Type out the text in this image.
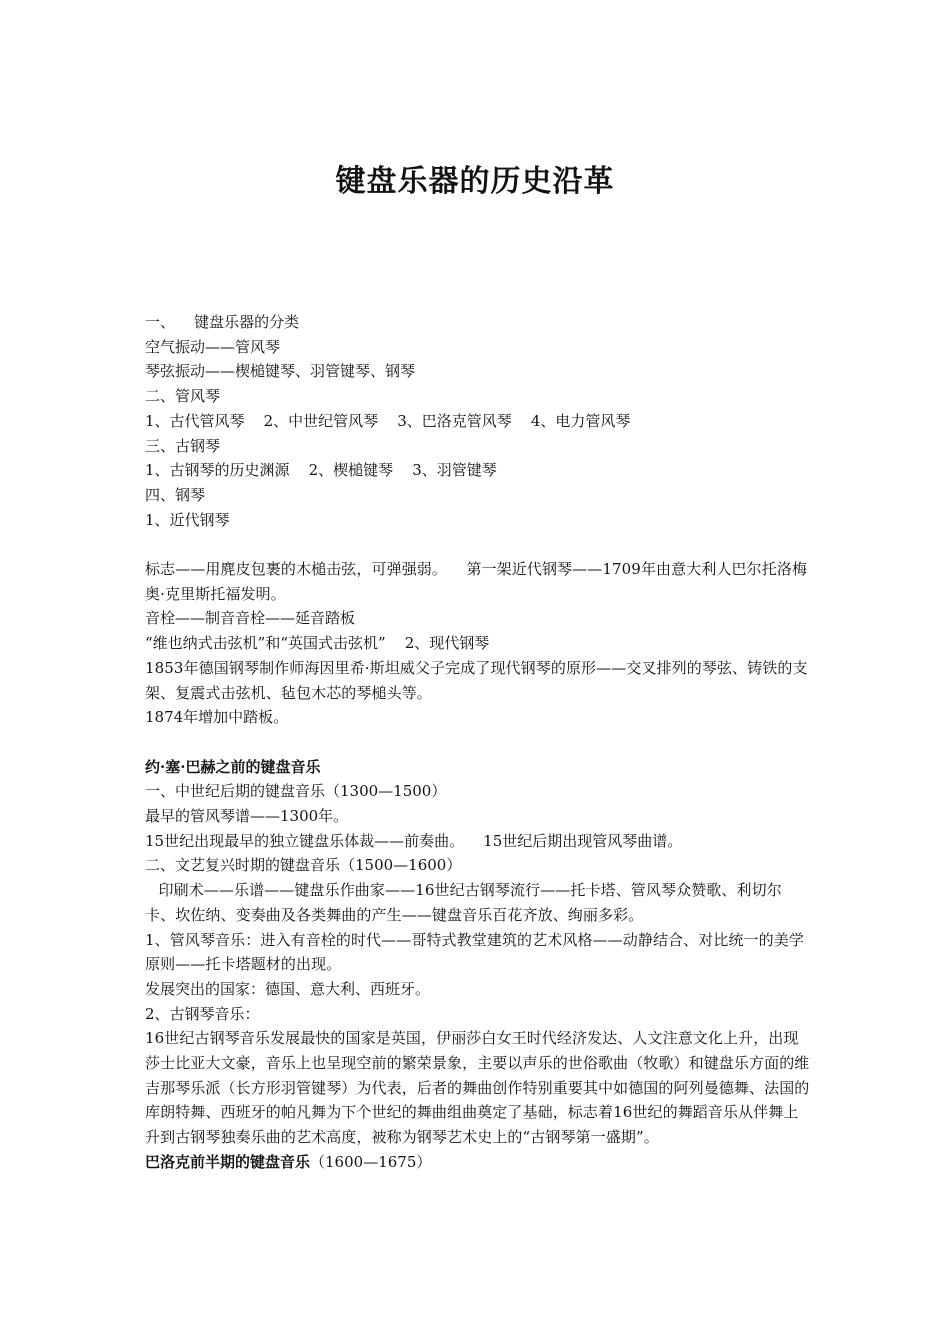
键盘乐器的历史沿革

一、    键盘乐器的分类

空气振动——管风琴

琴弦振动——楔槌键琴、羽管键琴、钢琴

二、管风琴

1、古代管风琴    2、中世纪管风琴    3、巴洛克管风琴    4、电力管风琴

三、古钢琴

1、古钢琴的历史渊源    2、楔槌键琴    3、羽管键琴

四、钢琴

1、近代钢琴

标志——用麂皮包裹的木槌击弦，可弹强弱。    第一架近代钢琴——1709年由意大利人巴尔托洛梅奥·克里斯托福发明。

音栓——制音音栓——延音踏板

“维也纳式击弦机”和“英国式击弦机”    2、现代钢琴

1853年德国钢琴制作师海因里希·斯坦威父子完成了现代钢琴的原形——交叉排列的琴弦、铸铁的支架、复震式击弦机、毡包木芯的琴槌头等。

1874年增加中踏板。

约·塞·巴赫之前的键盘音乐

一、中世纪后期的键盘音乐（1300—1500）

最早的管风琴谱——1300年。

15世纪出现最早的独立键盘乐体裁——前奏曲。    15世纪后期出现管风琴曲谱。

二、文艺复兴时期的键盘音乐（1500—1600）

印刷术——乐谱——键盘乐作曲家——16世纪古钢琴流行——托卡塔、管风琴众赞歌、利切尔卡、坎佐纳、变奏曲及各类舞曲的产生——键盘音乐百花齐放、绚丽多彩。

1、管风琴音乐：进入有音栓的时代——哥特式教堂建筑的艺术风格——动静结合、对比统一的美学原则——托卡塔题材的出现。

发展突出的国家：德国、意大利、西班牙。

2、古钢琴音乐：

16世纪古钢琴音乐发展最快的国家是英国，伊丽莎白女王时代经济发达、人文注意文化上升，出现莎士比亚大文豪，音乐上也呈现空前的繁荣景象，主要以声乐的世俗歌曲（牧歌）和键盘乐方面的维吉那琴乐派（长方形羽管键琴）为代表，后者的舞曲创作特别重要其中如德国的阿列曼德舞、法国的库朗特舞、西班牙的帕凡舞为下个世纪的舞曲组曲奠定了基础，标志着16世纪的舞蹈音乐从伴舞上升到古钢琴独奏乐曲的艺术高度，被称为钢琴艺术史上的“古钢琴第一盛期”。

巴洛克前半期的键盘音乐（1600—1675）
